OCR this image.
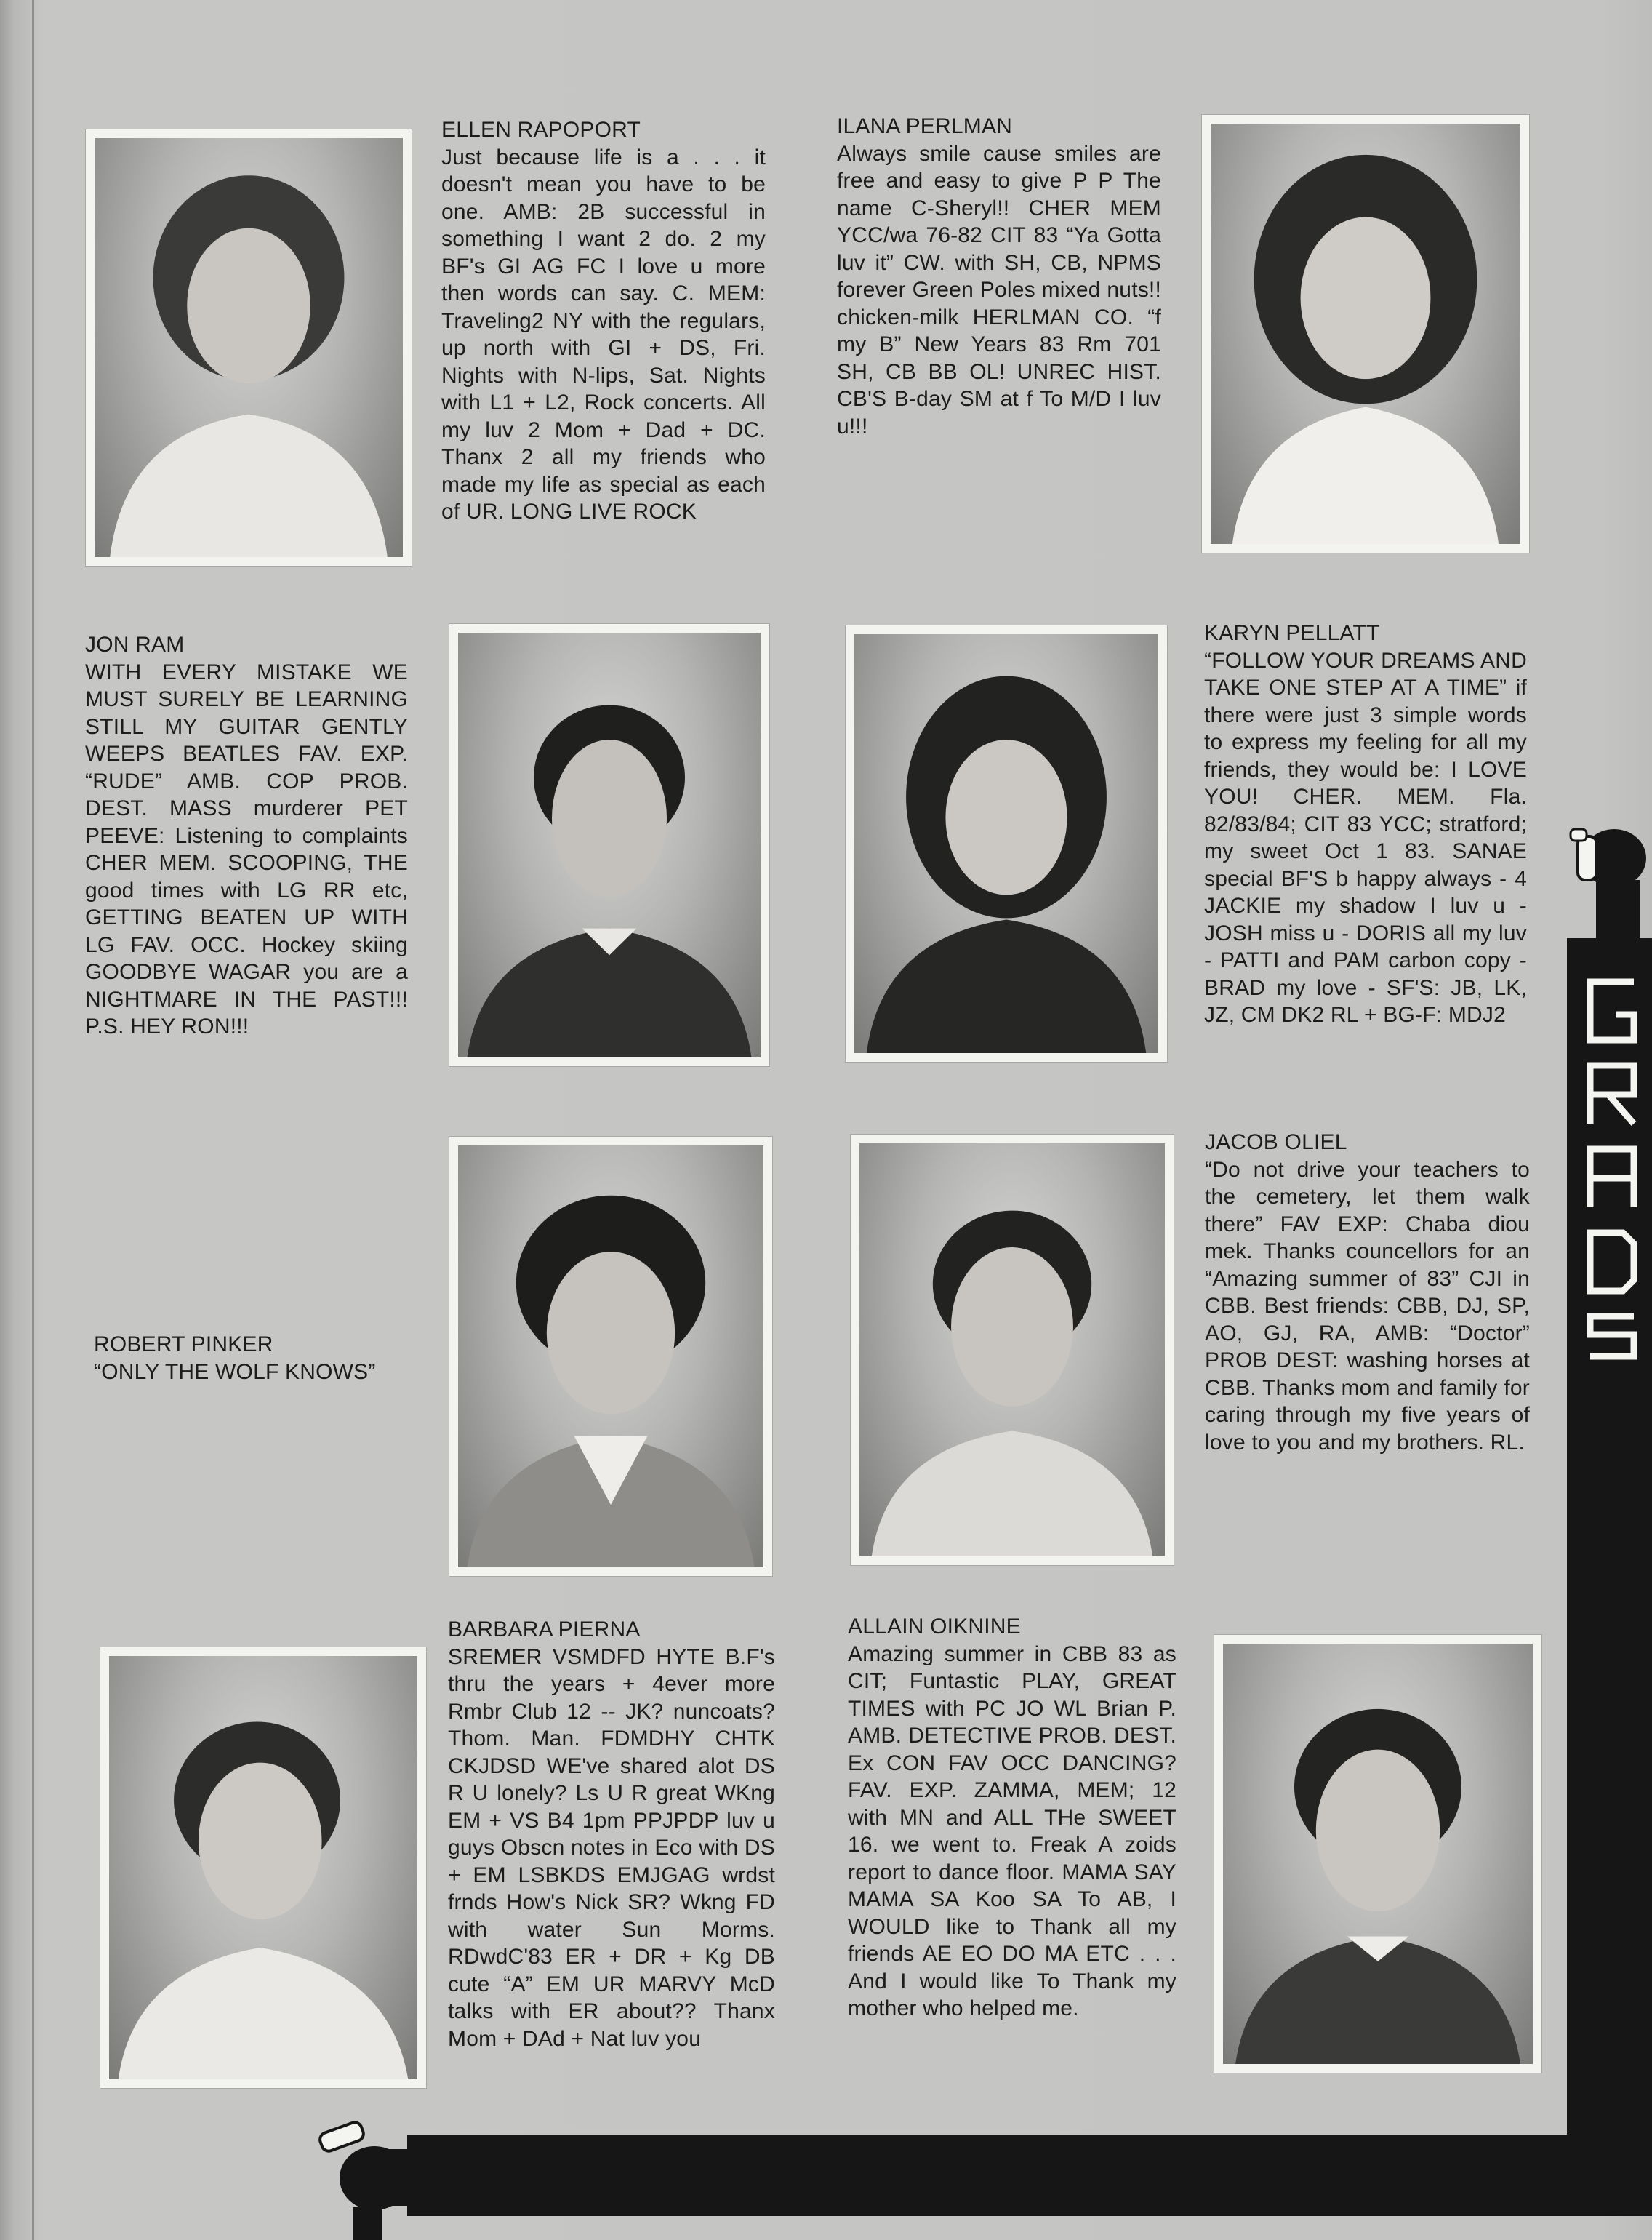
ELLEN RAPOPORT
Just because life is a . . . it doesn't mean you have to be one. AMB: 2B successful in something I want 2 do. 2 my BF's GI AG FC I love u more then words can say. C. MEM: Traveling2 NY with the regulars, up north with GI + DS, Fri. Nights with N-lips, Sat. Nights with L1 + L2, Rock concerts. All my luv 2 Mom + Dad + DC. Thanx 2 all my friends who made my life as special as each of UR. LONG LIVE ROCK
ILANA PERLMAN
Always smile cause smiles are free and easy to give P P The name C-Sheryl!! CHER MEM YCC/wa 76-82 CIT 83 “Ya Gotta luv it” CW. with SH, CB, NPMS forever Green Poles mixed nuts!! chicken-milk HERLMAN CO. “f my B” New Years 83 Rm 701 SH, CB BB OL! UNREC HIST. CB'S B-day SM at f To M/D I luv u!!!
JON RAM
WITH EVERY MISTAKE WE MUST SURELY BE LEARNING STILL MY GUITAR GENTLY WEEPS BEATLES FAV. EXP. “RUDE” AMB. COP PROB. DEST. MASS murderer PET PEEVE: Listening to complaints CHER MEM. SCOOPING, THE good times with LG RR etc, GETTING BEATEN UP WITH LG FAV. OCC. Hockey skiing GOODBYE WAGAR you are a NIGHTMARE IN THE PAST!!! P.S. HEY RON!!!
KARYN PELLATT
“FOLLOW YOUR DREAMS AND TAKE ONE STEP AT A TIME” if there were just 3 simple words to express my feeling for all my friends, they would be: I LOVE YOU! CHER. MEM. Fla. 82/83/84; CIT 83 YCC; stratford; my sweet Oct 1 83. SANAE special BF'S b happy always - 4 JACKIE my shadow I luv u - JOSH miss u - DORIS all my luv - PATTI and PAM carbon copy - BRAD my love - SF'S: JB, LK, JZ, CM DK2 RL + BG-F: MDJ2
ROBERT PINKER
“ONLY THE WOLF KNOWS”
JACOB OLIEL
“Do not drive your teachers to the cemetery, let them walk there” FAV EXP: Chaba diou mek. Thanks councellors for an “Amazing summer of 83” CJI in CBB. Best friends: CBB, DJ, SP, AO, GJ, RA, AMB: “Doctor” PROB DEST: washing horses at CBB. Thanks mom and family for caring through my five years of love to you and my brothers. RL.
BARBARA PIERNA
SREMER VSMDFD HYTE B.F's thru the years + 4ever more Rmbr Club 12 -- JK? nuncoats? Thom. Man. FDMDHY CHTK CKJDSD WE've shared alot DS R U lonely? Ls U R great WKng EM + VS B4 1pm PPJPDP luv u guys Obscn notes in Eco with DS + EM LSBKDS EMJGAG wrdst frnds How's Nick SR? Wkng FD with water Sun Morms. RDwdC'83 ER + DR + Kg DB cute “A” EM UR MARVY McD talks with ER about?? Thanx Mom + DAd + Nat luv you
ALLAIN OIKNINE
Amazing summer in CBB 83 as CIT; Funtastic PLAY, GREAT TIMES with PC JO WL Brian P. AMB. DETECTIVE PROB. DEST. Ex CON FAV OCC DANCING? FAV. EXP. ZAMMA, MEM; 12 with MN and ALL THe SWEET 16. we went to. Freak A zoids report to dance floor. MAMA SAY MAMA SA Koo SA To AB, I WOULD like to Thank all my friends AE EO DO MA ETC . . . And I would like To Thank my mother who helped me.
